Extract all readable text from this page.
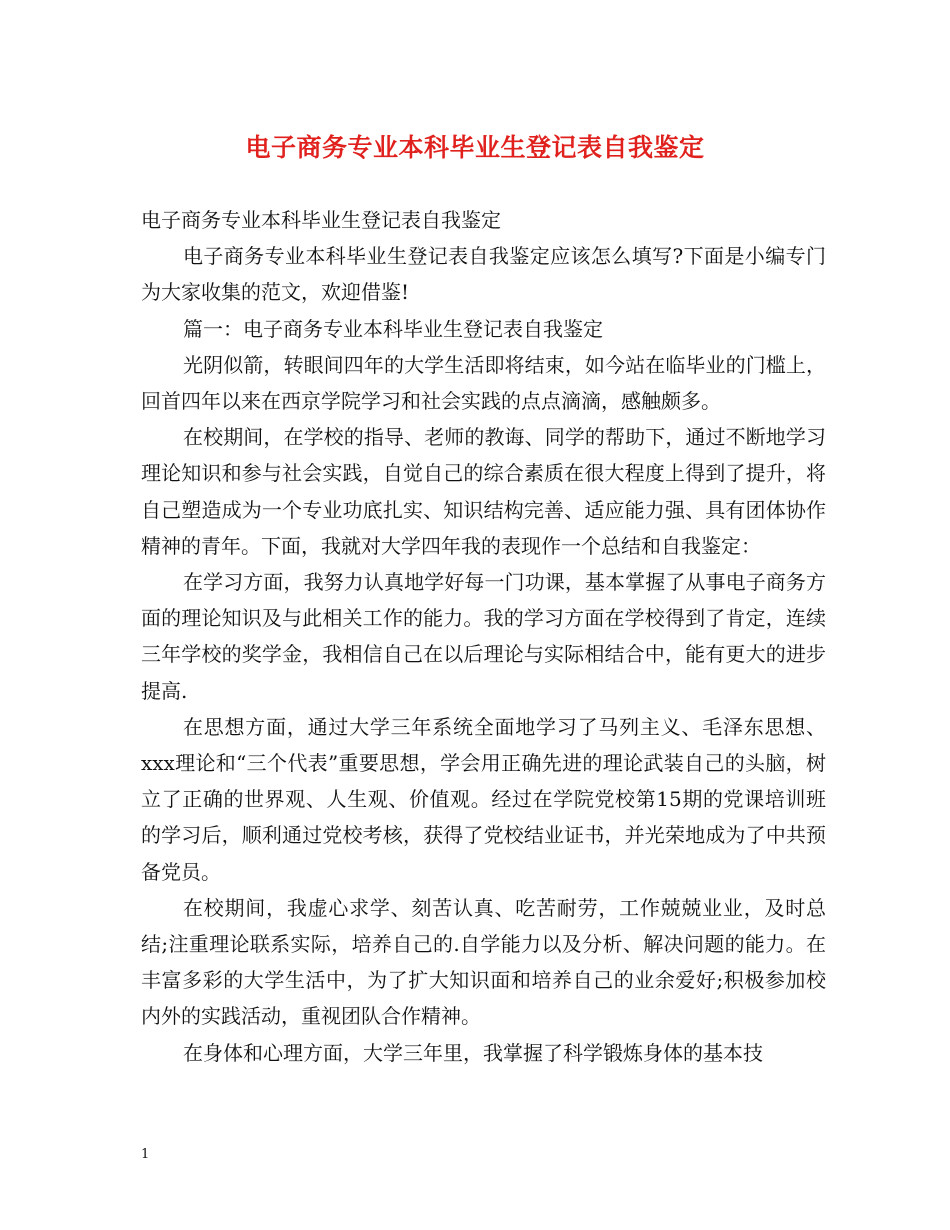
电子商务专业本科毕业生登记表自我鉴定

电子商务专业本科毕业生登记表自我鉴定

电子商务专业本科毕业生登记表自我鉴定应该怎么填写?下面是小编专门为大家收集的范文，欢迎借鉴!

篇一：电子商务专业本科毕业生登记表自我鉴定

光阴似箭，转眼间四年的大学生活即将结束，如今站在临毕业的门槛上，回首四年以来在西京学院学习和社会实践的点点滴滴，感触颇多。

在校期间，在学校的指导、老师的教诲、同学的帮助下，通过不断地学习理论知识和参与社会实践，自觉自己的综合素质在很大程度上得到了提升，将自己塑造成为一个专业功底扎实、知识结构完善、适应能力强、具有团体协作精神的青年。下面，我就对大学四年我的表现作一个总结和自我鉴定：

在学习方面，我努力认真地学好每一门功课，基本掌握了从事电子商务方面的理论知识及与此相关工作的能力。我的学习方面在学校得到了肯定，连续三年学校的奖学金，我相信自己在以后理论与实际相结合中，能有更大的进步提高.

在思想方面，通过大学三年系统全面地学习了马列主义、毛泽东思想、xxx理论和“三个代表”重要思想，学会用正确先进的理论武装自己的头脑，树立了正确的世界观、人生观、价值观。经过在学院党校第15期的党课培训班的学习后，顺利通过党校考核，获得了党校结业证书，并光荣地成为了中共预备党员。

在校期间，我虚心求学、刻苦认真、吃苦耐劳，工作兢兢业业，及时总结;注重理论联系实际，培养自己的.自学能力以及分析、解决问题的能力。在丰富多彩的大学生活中，为了扩大知识面和培养自己的业余爱好;积极参加校内外的实践活动，重视团队合作精神。

在身体和心理方面，大学三年里，我掌握了科学锻炼身体的基本技

1
